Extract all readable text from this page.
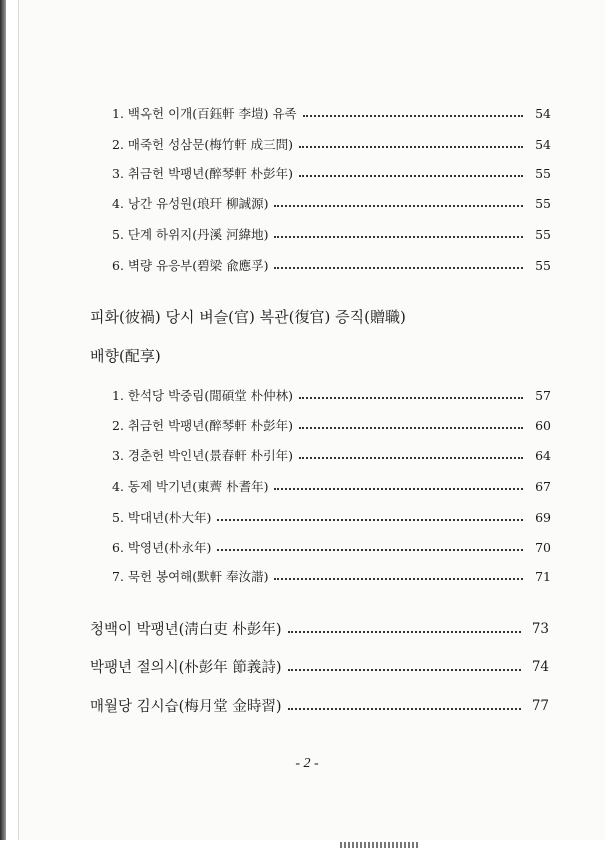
1. 백옥헌 이개(百鈺軒 李塏) 유족	54
2. 매죽헌 성삼문(梅竹軒 成三問)	54
3. 취금헌 박팽년(醉琴軒 朴彭年)	55
4. 낭간 유성원(琅玕 柳誠源)	55
5. 단계 하위지(丹溪 河緯地)	55
6. 벽량 유응부(碧梁 兪應孚)	55
피화(彼禍) 당시 벼슬(官) 복관(復官) 증직(贈職)
배향(配享)
1. 한석당 박중림(閒碩堂 朴仲林)	57
2. 취금헌 박팽년(醉琴軒 朴彭年)	60
3. 경춘헌 박인년(景春軒 朴引年)	64
4. 동제 박기년(東薺 朴耆年)	67
5. 박대년(朴大年)	69
6. 박영년(朴永年)	70
7. 묵헌 봉여해(默軒 奉汝諧)	71
청백이 박팽년(淸白吏 朴彭年)	73
박팽년 절의시(朴彭年 節義詩)	74
매월당 김시습(梅月堂 金時習)	77
- 2 -
